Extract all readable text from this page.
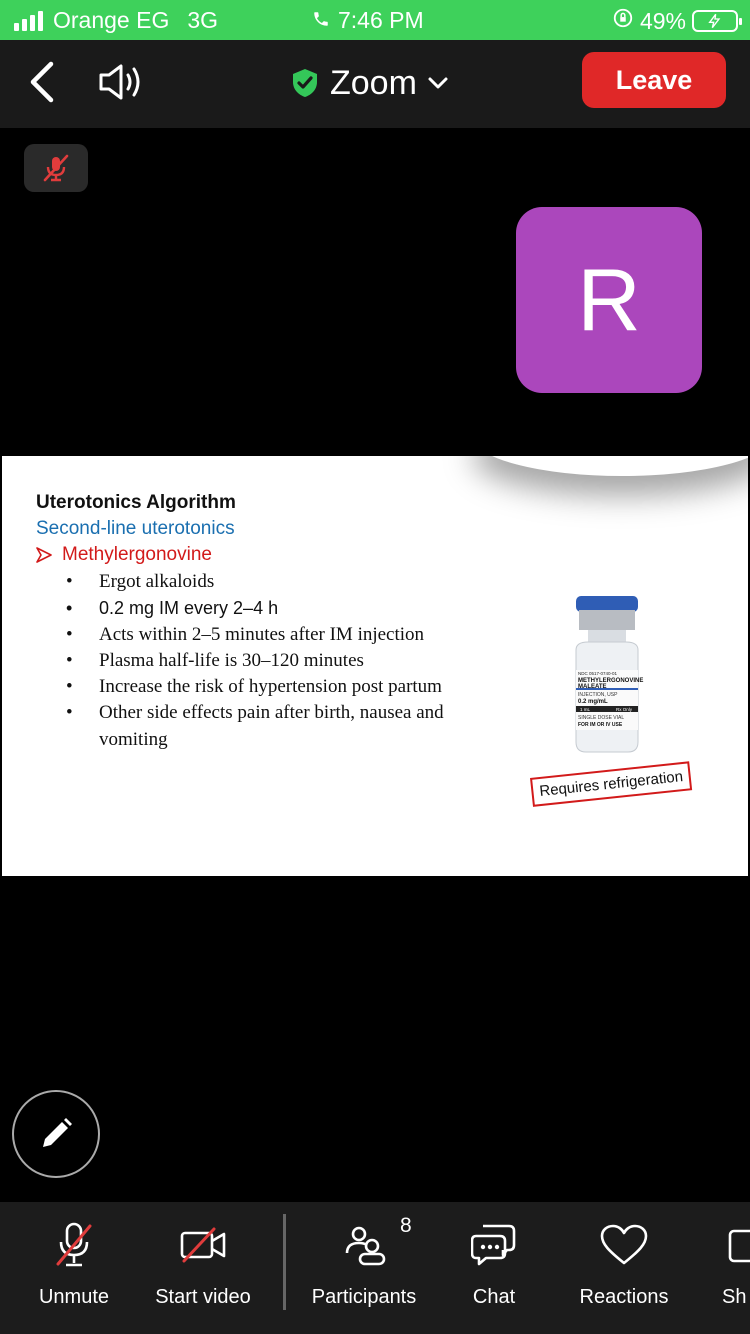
Orange EG 3G	7:46 PM	49%
Zoom	Leave
R
Uterotonics Algorithm
Second-line uterotonics
Methylergonovine
• Ergot alkaloids
• 0.2 mg IM every 2–4 h
• Acts within 2–5 minutes after IM injection
• Plasma half-life is 30–120 minutes
• Increase the risk of hypertension post partum
• Other side effects pain after birth, nausea and vomiting
NDC 0517-0740-01
METHYLERGONOVINE
MALEATE
INJECTION, USP
0.2 mg/mL
1 mL	Rx Only
SINGLE DOSE VIAL
FOR IM OR IV USE
Requires refrigeration
Unmute Start video	Participants
8
Chat	Reactions	Sh
